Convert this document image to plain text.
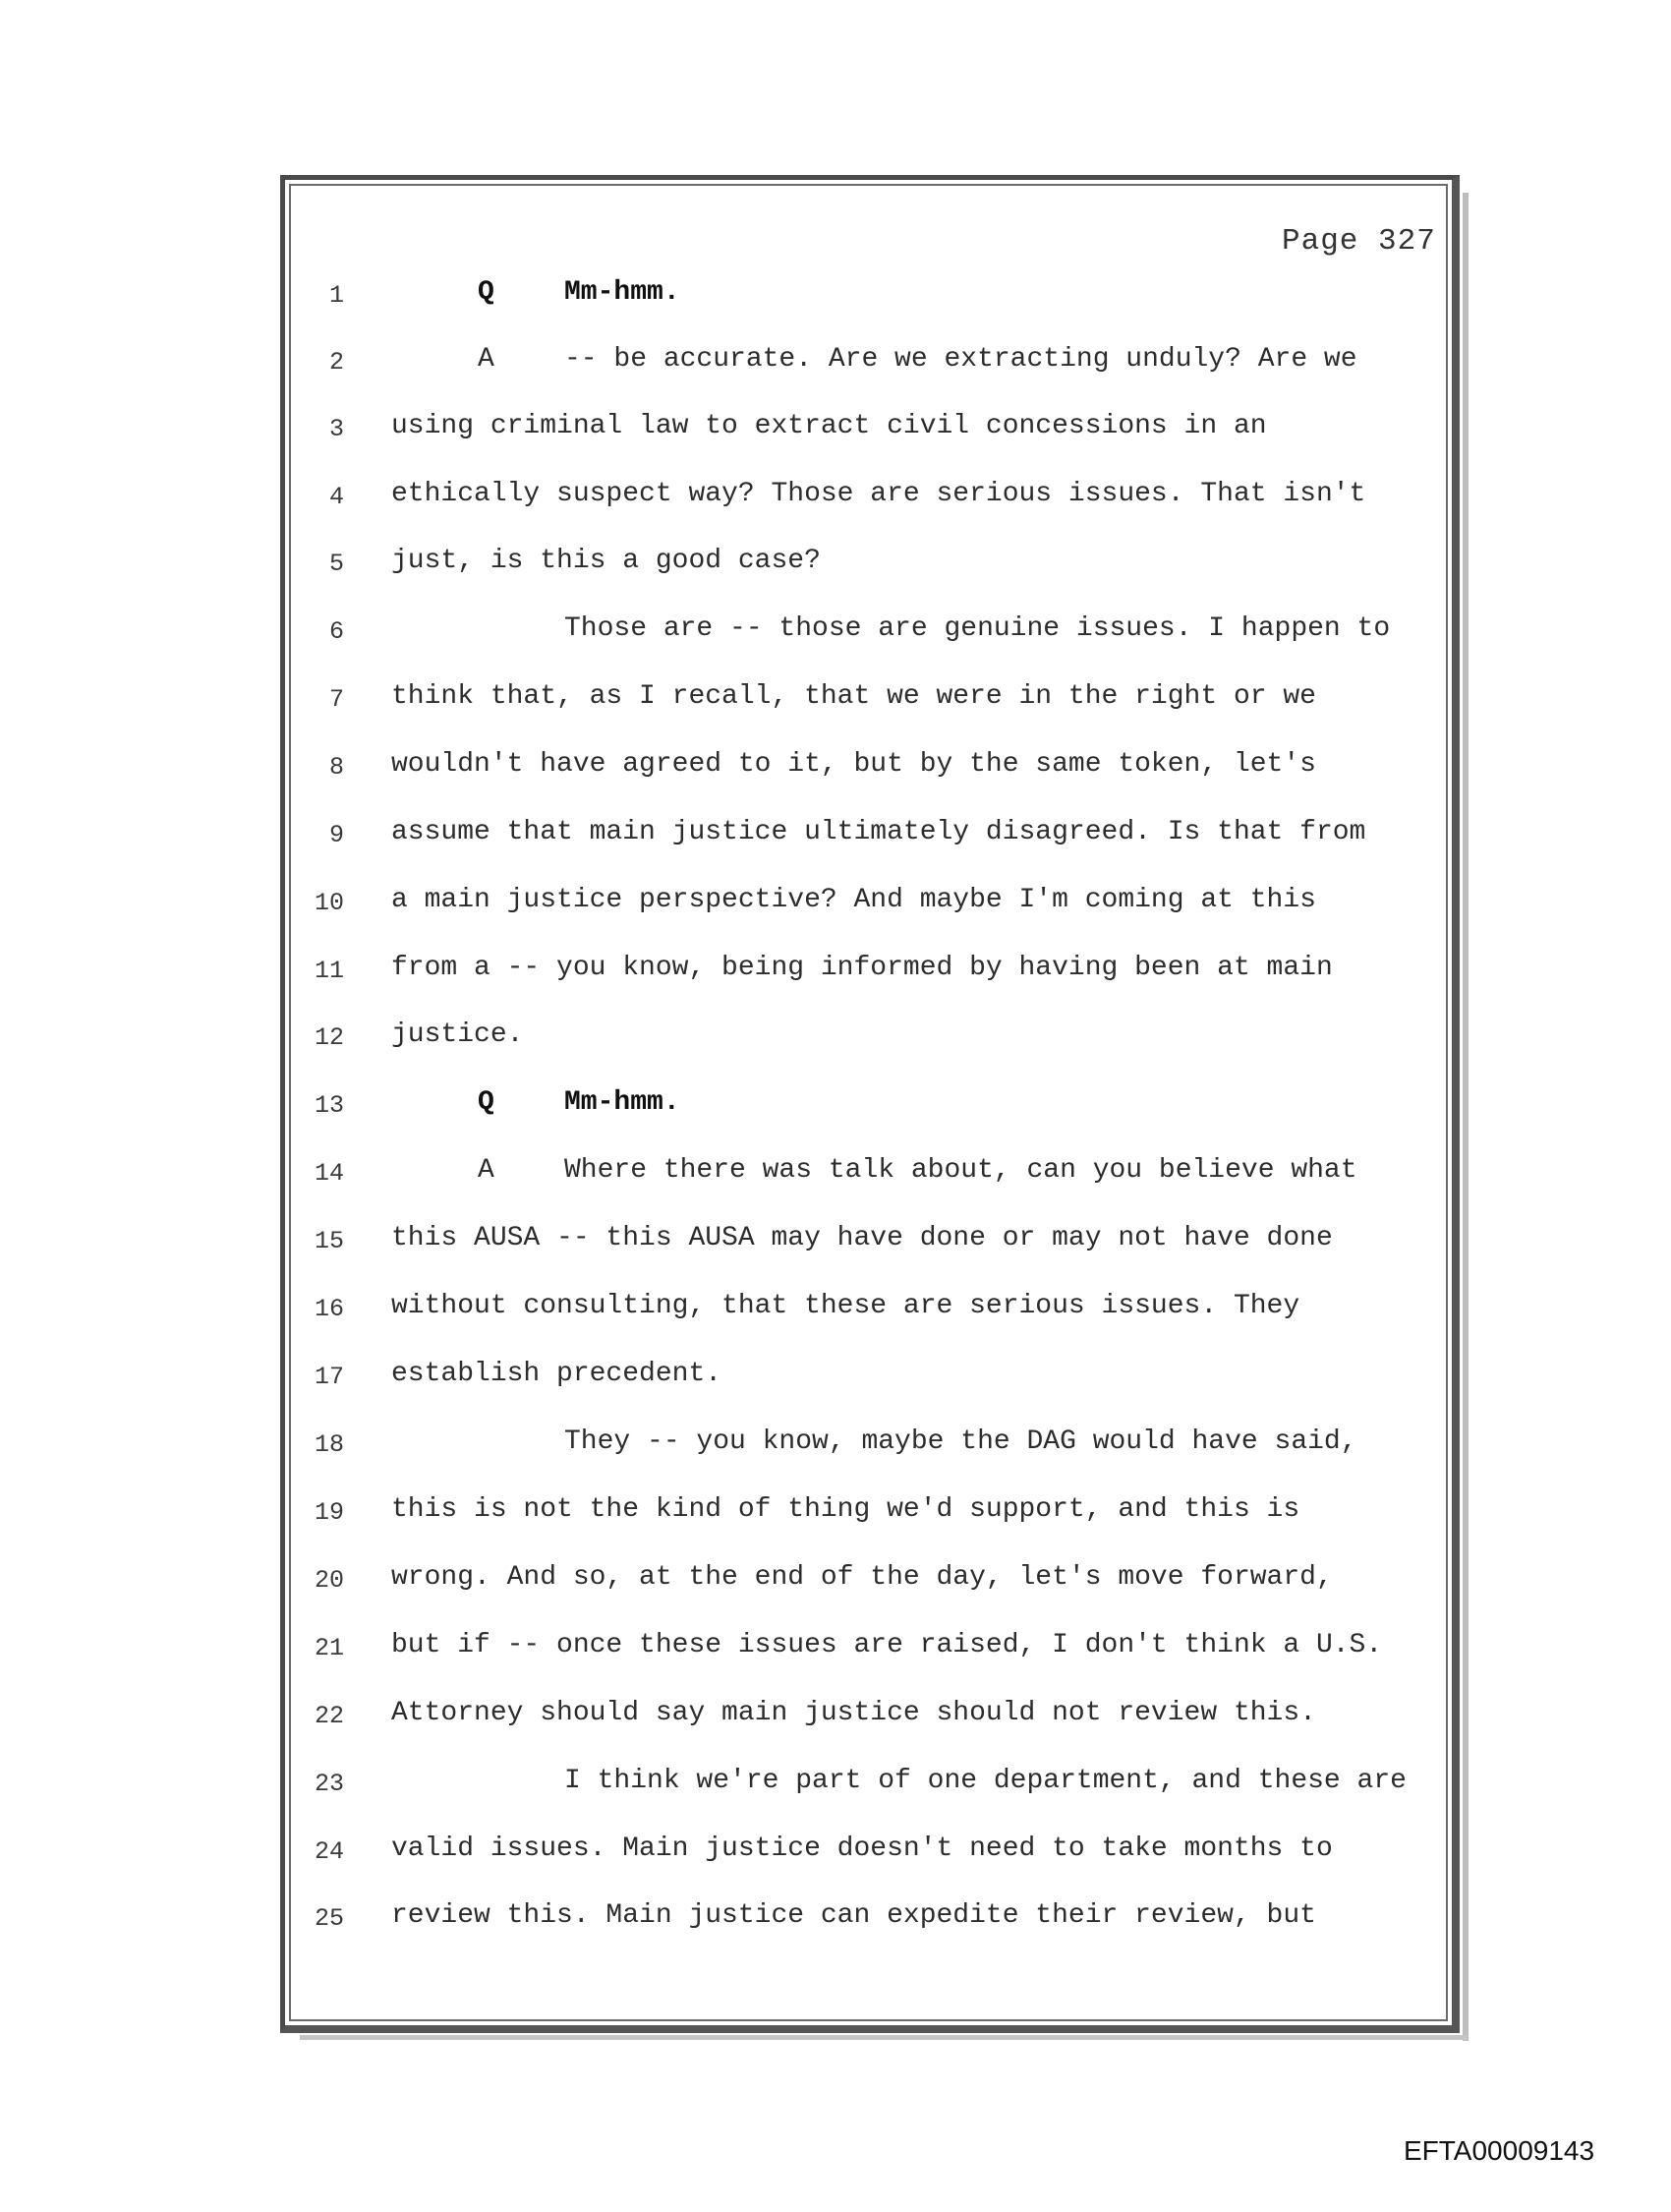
Page 327
1	Q	Mm-hmm.
2	A	-- be accurate. Are we extracting unduly? Are we
3 using criminal law to extract civil concessions in an
4 ethically suspect way? Those are serious issues. That isn't
5 just, is this a good case?
6	Those are -- those are genuine issues. I happen to
7 think that, as I recall, that we were in the right or we
8 wouldn't have agreed to it, but by the same token, let's
9 assume that main justice ultimately disagreed. Is that from
10 a main justice perspective? And maybe I'm coming at this
11 from a -- you know, being informed by having been at main
12 justice.
13	Q	Mm-hmm.
14	A	Where there was talk about, can you believe what
15 this AUSA -- this AUSA may have done or may not have done
16 without consulting, that these are serious issues. They
17 establish precedent.
18	They -- you know, maybe the DAG would have said,
19 this is not the kind of thing we'd support, and this is
20 wrong. And so, at the end of the day, let's move forward,
21 but if -- once these issues are raised, I don't think a U.S.
22 Attorney should say main justice should not review this.
23	I think we're part of one department, and these are
24 valid issues. Main justice doesn't need to take months to
25 review this. Main justice can expedite their review, but
EFTA00009143
